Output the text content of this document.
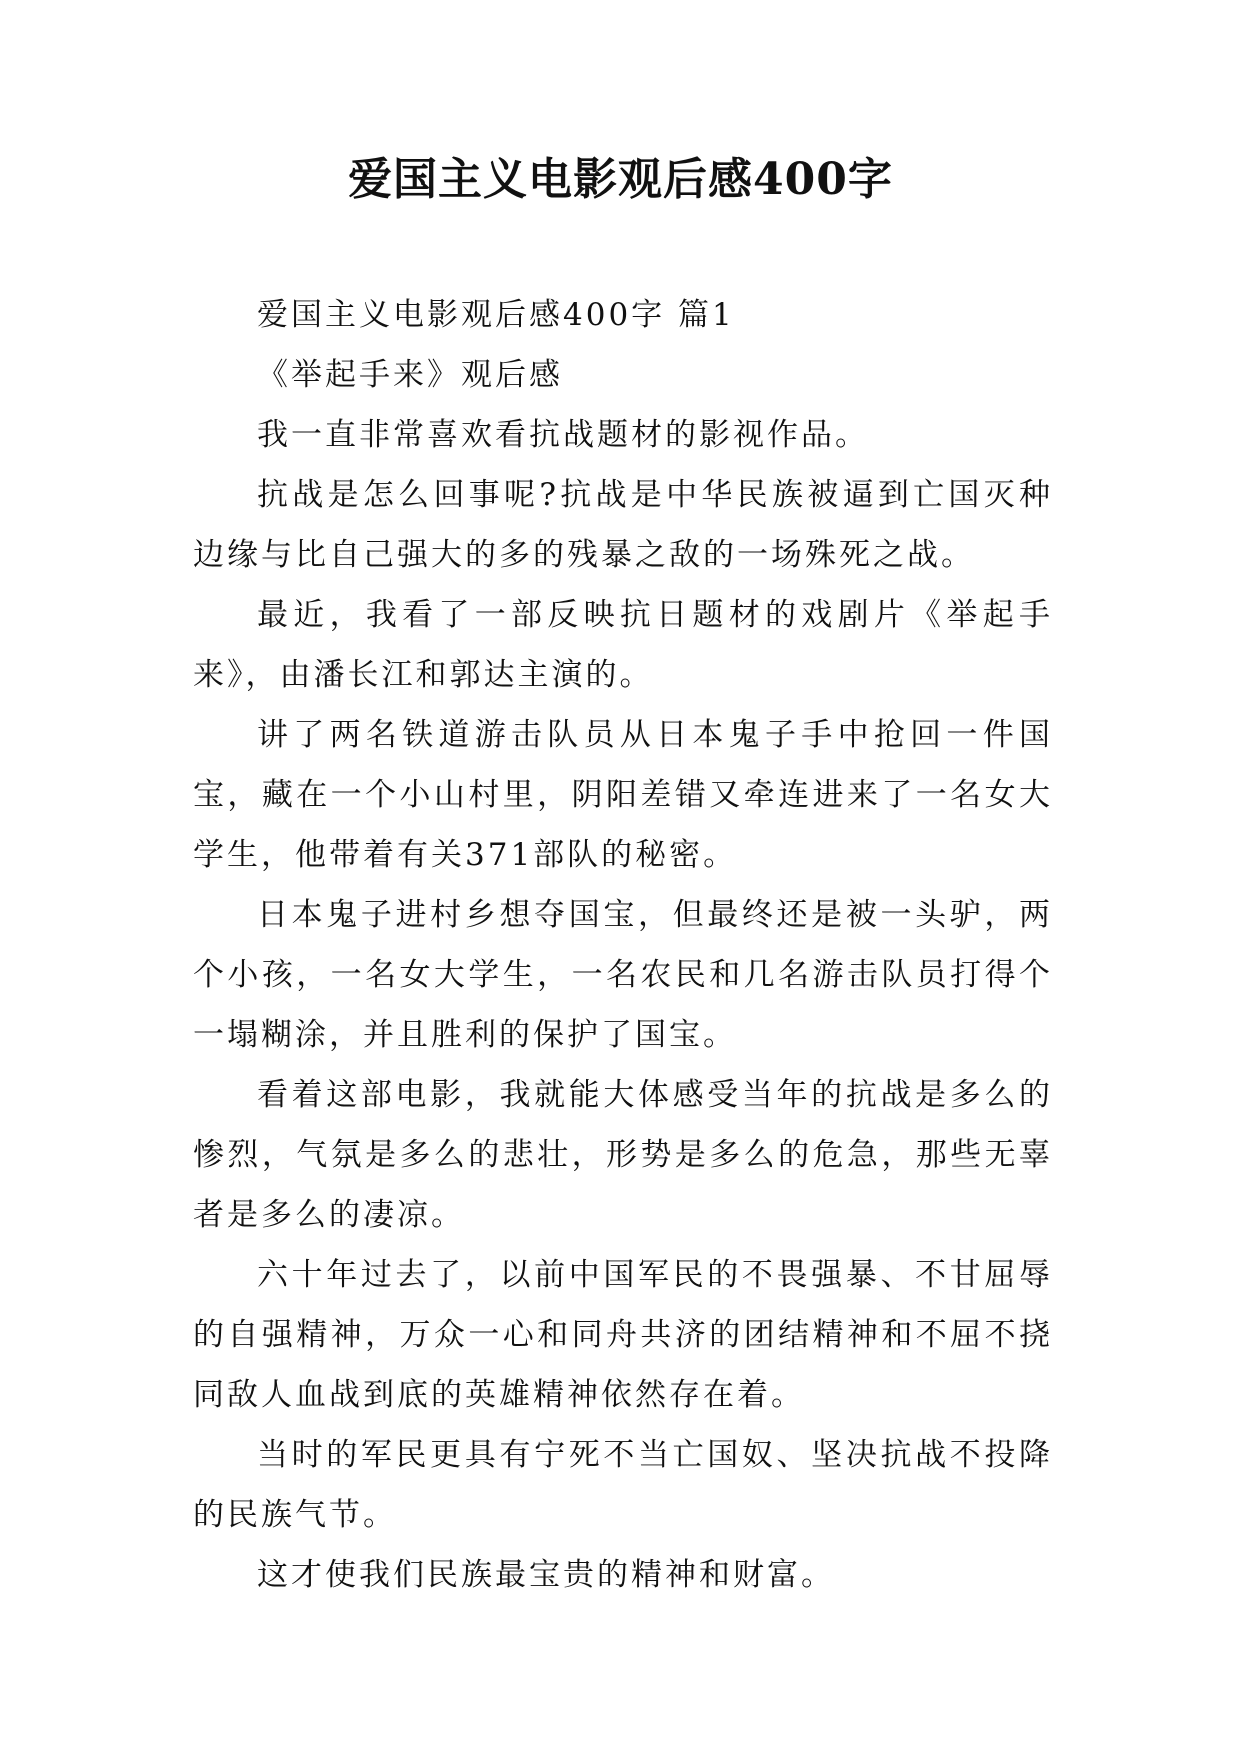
爱国主义电影观后感400字

爱国主义电影观后感400字 篇1

《举起手来》观后感

我一直非常喜欢看抗战题材的影视作品。

抗战是怎么回事呢?抗战是中华民族被逼到亡国灭种边缘与比自己强大的多的残暴之敌的一场殊死之战。

最近，我看了一部反映抗日题材的戏剧片《举起手来》，由潘长江和郭达主演的。

讲了两名铁道游击队员从日本鬼子手中抢回一件国宝，藏在一个小山村里，阴阳差错又牵连进来了一名女大学生，他带着有关371部队的秘密。

日本鬼子进村乡想夺国宝，但最终还是被一头驴，两个小孩，一名女大学生，一名农民和几名游击队员打得个一塌糊涂，并且胜利的保护了国宝。

看着这部电影，我就能大体感受当年的抗战是多么的惨烈，气氛是多么的悲壮，形势是多么的危急，那些无辜者是多么的凄凉。

六十年过去了，以前中国军民的不畏强暴、不甘屈辱的自强精神，万众一心和同舟共济的团结精神和不屈不挠同敌人血战到底的英雄精神依然存在着。

当时的军民更具有宁死不当亡国奴、坚决抗战不投降的民族气节。

这才使我们民族最宝贵的精神和财富。
